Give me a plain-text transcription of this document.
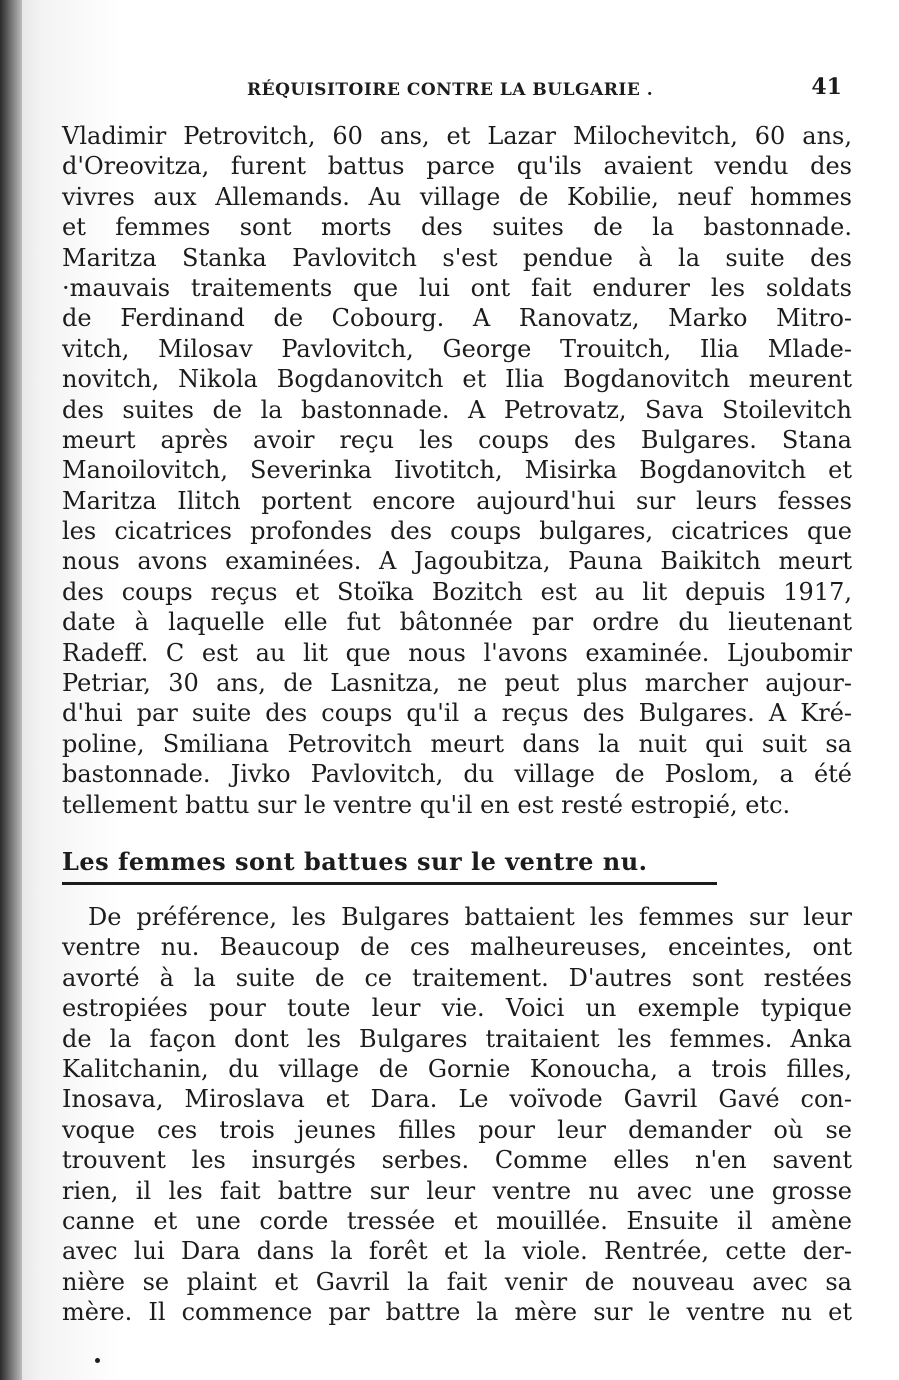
RÉQUISITOIRE CONTRE LA BULGARIE .	41
Vladimir Petrovitch, 60 ans, et Lazar Milochevitch, 60 ans,
d'Oreovitza, furent battus parce qu'ils avaient vendu des
vivres aux Allemands. Au village de Kobilie, neuf hommes
et femmes sont morts des suites de la bastonnade.
Maritza Stanka Pavlovitch s'est pendue à la suite des
·mauvais traitements que lui ont fait endurer les soldats
de Ferdinand de Cobourg. A Ranovatz, Marko Mitro-
vitch, Milosav Pavlovitch, George Trouitch, Ilia Mlade-
novitch, Nikola Bogdanovitch et Ilia Bogdanovitch meurent
des suites de la bastonnade. A Petrovatz, Sava Stoilevitch
meurt après avoir reçu les coups des Bulgares. Stana
Manoilovitch, Severinka Iivotitch, Misirka Bogdanovitch et
Maritza Ilitch portent encore aujourd'hui sur leurs fesses
les cicatrices profondes des coups bulgares, cicatrices que
nous avons examinées. A Jagoubitza, Pauna Baikitch meurt
des coups reçus et Stoïka Bozitch est au lit depuis 1917,
date à laquelle elle fut bâtonnée par ordre du lieutenant
Radeff. C est au lit que nous l'avons examinée. Ljoubomir
Petriar, 30 ans, de Lasnitza, ne peut plus marcher aujour-
d'hui par suite des coups qu'il a reçus des Bulgares. A Kré-
poline, Smiliana Petrovitch meurt dans la nuit qui suit sa
bastonnade. Jivko Pavlovitch, du village de Poslom, a été
tellement battu sur le ventre qu'il en est resté estropié, etc.
Les femmes sont battues sur le ventre nu.
De préférence, les Bulgares battaient les femmes sur leur
ventre nu. Beaucoup de ces malheureuses, enceintes, ont
avorté à la suite de ce traitement. D'autres sont restées
estropiées pour toute leur vie. Voici un exemple typique
de la façon dont les Bulgares traitaient les femmes. Anka
Kalitchanin, du village de Gornie Konoucha, a trois filles,
Inosava, Miroslava et Dara. Le voïvode Gavril Gavé con-
voque ces trois jeunes filles pour leur demander où se
trouvent les insurgés serbes. Comme elles n'en savent
rien, il les fait battre sur leur ventre nu avec une grosse
canne et une corde tressée et mouillée. Ensuite il amène
avec lui Dara dans la forêt et la viole. Rentrée, cette der-
nière se plaint et Gavril la fait venir de nouveau avec sa
mère. Il commence par battre la mère sur le ventre nu et
